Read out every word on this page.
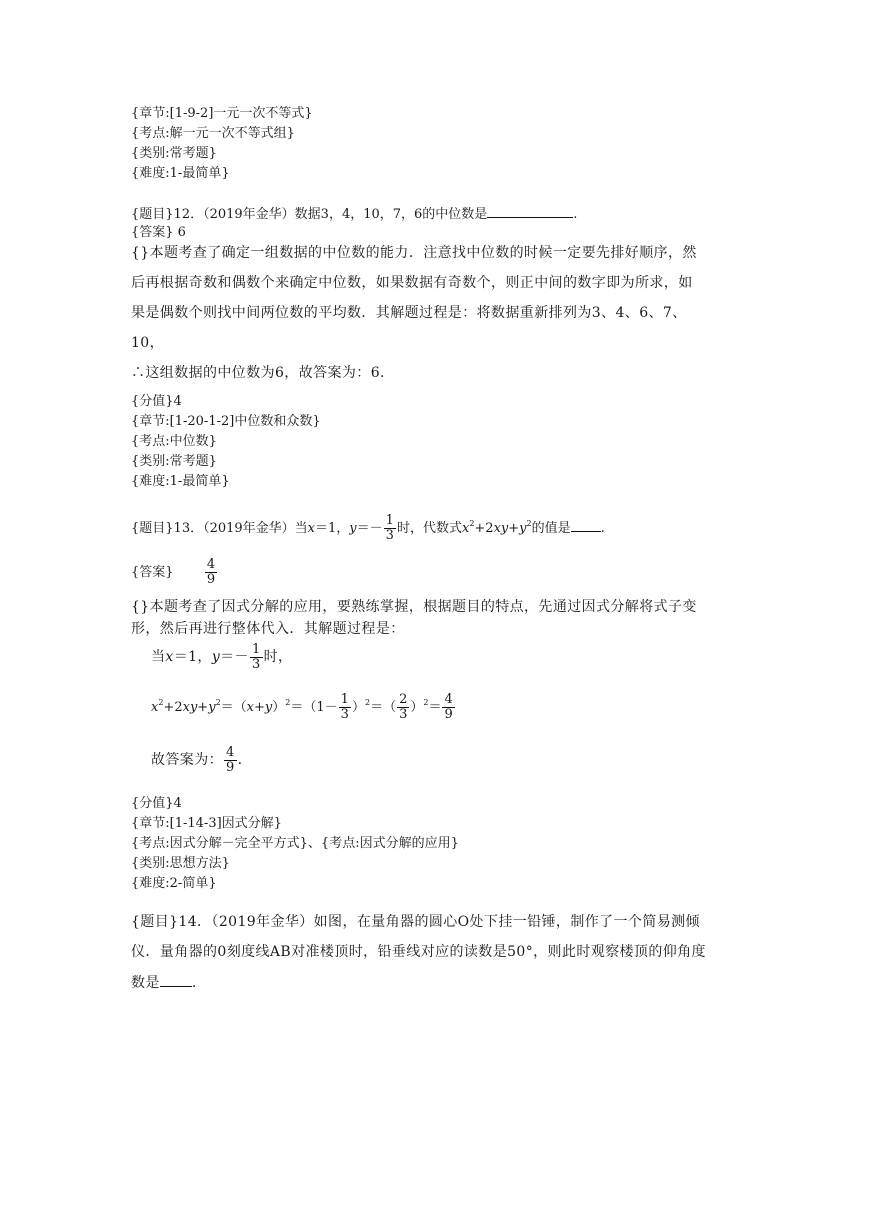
{章节:[1-9-2]一元一次不等式}
{考点:解一元一次不等式组}
{类别:常考题}
{难度:1-最简单}
{题目}12．（2019年金华）数据3，4，10，7，6的中位数是	.
{答案} 6
{}本题考查了确定一组数据的中位数的能力．注意找中位数的时候一定要先排好顺序，然
后再根据奇数和偶数个来确定中位数，如果数据有奇数个，则正中间的数字即为所求，如
果是偶数个则找中间两位数的平均数．其解题过程是：将数据重新排列为3、4、6、7、
10，
∴这组数据的中位数为6，故答案为：6．
{分值}4
{章节:[1-20-1-2]中位数和众数}
{考点:中位数}
{类别:常考题}
{难度:1-最简单}
{题目}13．（2019年金华）当x＝1，$y=- \frac{1}{3}$ 时，代数式$x^2+2xy+y^2$的值是 .
{答案} $\frac{4}{9}$
{}本题考查了因式分解的应用，要熟练掌握，根据题目的特点，先通过因式分解将式子变
形，然后再进行整体代入．其解题过程是：
当x＝1，$y=- \frac{1}{3}$ 时，
$x^2+2xy+y^2=(x+y)^2=(1- \frac{1}{3} )^2=( \frac{2}{3} )^2= \frac{4}{9}$
故答案为： $\frac{4}{9}$ .
{分值}4
{章节:[1-14-3]因式分解}
{考点:因式分解－完全平方式}、{考点:因式分解的应用}
{类别:思想方法}
{难度:2-简单}
{题目}14．（2019年金华）如图，在量角器的圆心O处下挂一铅锤，制作了一个简易测倾
仪．量角器的0刻度线AB对准楼顶时，铅垂线对应的读数是50°，则此时观察楼顶的仰角度
数是 .
